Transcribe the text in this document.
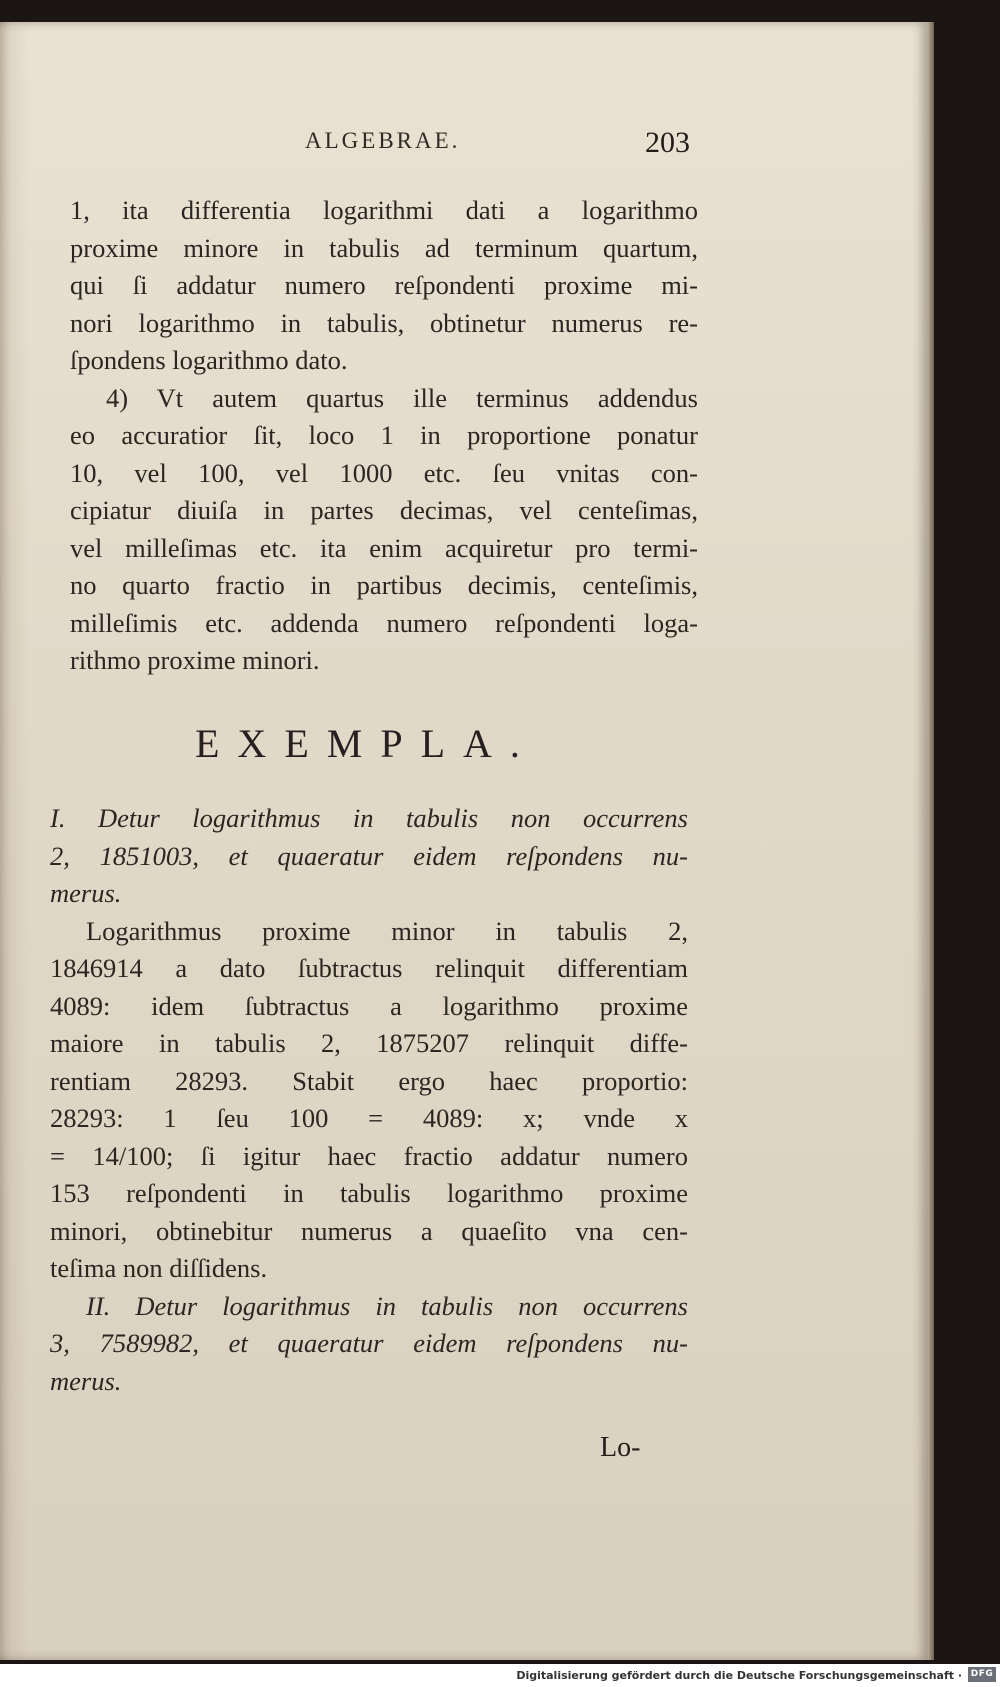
ALGEBRAE.	203
1, ita differentia logarithmi dati a logarithmo
proxime minore in tabulis ad terminum quartum,
qui ſi addatur numero reſpondenti proxime mi-
nori logarithmo in tabulis, obtinetur numerus re-
ſpondens logarithmo dato.
4) Vt autem quartus ille terminus addendus
eo accuratior ſit, loco 1 in proportione ponatur
10, vel 100, vel 1000 etc. ſeu vnitas con-
cipiatur diuiſa in partes decimas, vel centeſimas,
vel milleſimas etc. ita enim acquiretur pro termi-
no quarto fractio in partibus decimis, centeſimis,
milleſimis etc. addenda numero reſpondenti loga-
rithmo proxime minori.
EXEMPLA.
I. Detur logarithmus in tabulis non occurrens
2, 1851003, et quaeratur eidem reſpondens nu-
merus.
Logarithmus proxime minor in tabulis 2,
1846914 a dato ſubtractus relinquit differentiam
4089: idem ſubtractus a logarithmo proxime
maiore in tabulis 2, 1875207 relinquit diffe-
rentiam 28293. Stabit ergo haec proportio:
28293: 1 ſeu 100 = 4089: x; vnde x
= 14/100; ſi igitur haec fractio addatur numero
153 reſpondenti in tabulis logarithmo proxime
minori, obtinebitur numerus a quaeſito vna cen-
teſima non diſſidens.
II. Detur logarithmus in tabulis non occurrens
3, 7589982, et quaeratur eidem reſpondens nu-
merus.
Lo-
Digitalisierung gefördert durch die Deutsche Forschungsgemeinschaft · DFG
